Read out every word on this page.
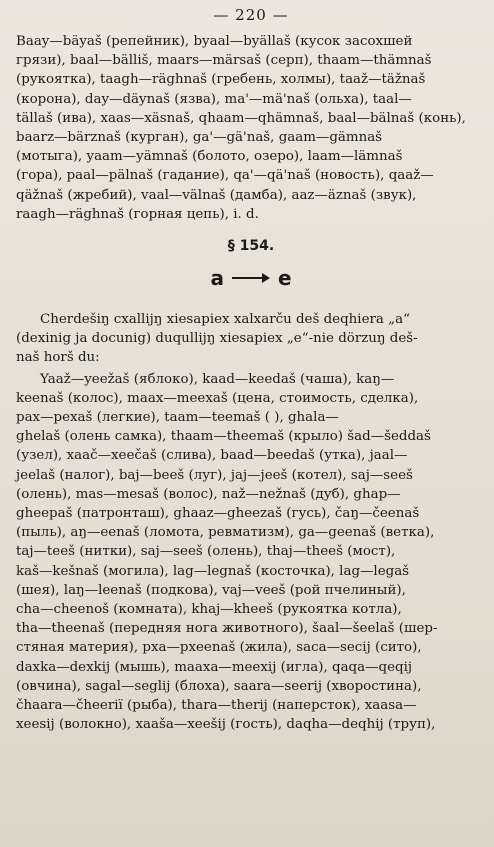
— 220 —

Baay—bäyaš (репейник), byaal—byällaš (кусок засохшей

грязи), baal—bälliš, maars—märsaš (серп), thaam—thämnaš

(рукоятка), taagh—räghnaš (гребень, холмы), taaž—täžnaš

(корона), day—däynaš (язва), ma'—mä'naš (ольха), taal—

tällaš (ива), xaas—xäsnaš, qhaam—qhämnaš, baal—bälnaš (конь),

baarz—bärznaš (курган), ga'—gä'naš, gaam—gämnaš

(мотыга), yaam—yämnaš (болото, озеро), laam—lämnaš

(гора), paal—pälnaš (гадание), qa'—qä'naš (новость), qaaž—

qäžnaš (жребий), vaal—välnaš (дамба), aaz—äznaš (звук),

raagh—räghnaš (горная цепь), i. d.

§ 154.
a	e

Cherdešiŋ cxallijŋ xiesapiex xalxarču deš deqhiera „a“

(dexinig ja docunig) duqullijŋ xiesapiex „e“-nie dörzuŋ deš-

naš horš du:

Yaaž—yeežaš (яблоко), kaad—keedaš (чаша), kaŋ—

keenaš (колос), maax—meexaš (цена, стоимость, сделка),

pax—pexaš (легкие), taam—teemaš ( ), ghala—

ghelaš (олень самка), thaam—theemaš (крыло) šad—šeddaš

(узел), xaač—xeečaš (слива), baad—beedaš (утка), jaal—

jeelaš (налог), baj—beeš (луг), jaj—jeeš (котел), saj—seeš

(олень), mas—mesaš (волос), naž—nežnaš (дуб), ghap—

gheepaš (патронташ), ghaaz—gheezaš (гусь), čaŋ—čeenaš

(пыль), aŋ—eenaš (ломота, ревматизм), ga—geenaš (ветка),

taj—teeš (нитки), saj—seeš (олень), thaj—theeš (мост),

kaš—kešnaš (могила), lag—legnaš (косточка), lag—legaš

(шея), laŋ—leenaš (подкова), vaj—veeš (рой пчелиный),

cha—cheenoš (комната), khaj—kheeš (рукоятка котла),

tha—theenaš (передняя нога животного), šaal—šeelaš (шер-

стяная материя), pxa—pxeenaš (жила), saca—secij (сито),

daxka—dexkij (мышь), maaxa—meexij (игла), qaqa—qeqij

(овчина), sagal—seglij (блоха), saara—seerij (хворостина),

čhaara—čheeriï (рыба), thara—therij (наперсток), xaasa—

xeesij (волокно), xaaša—xeešij (гость), daqha—deqhij (труп),
